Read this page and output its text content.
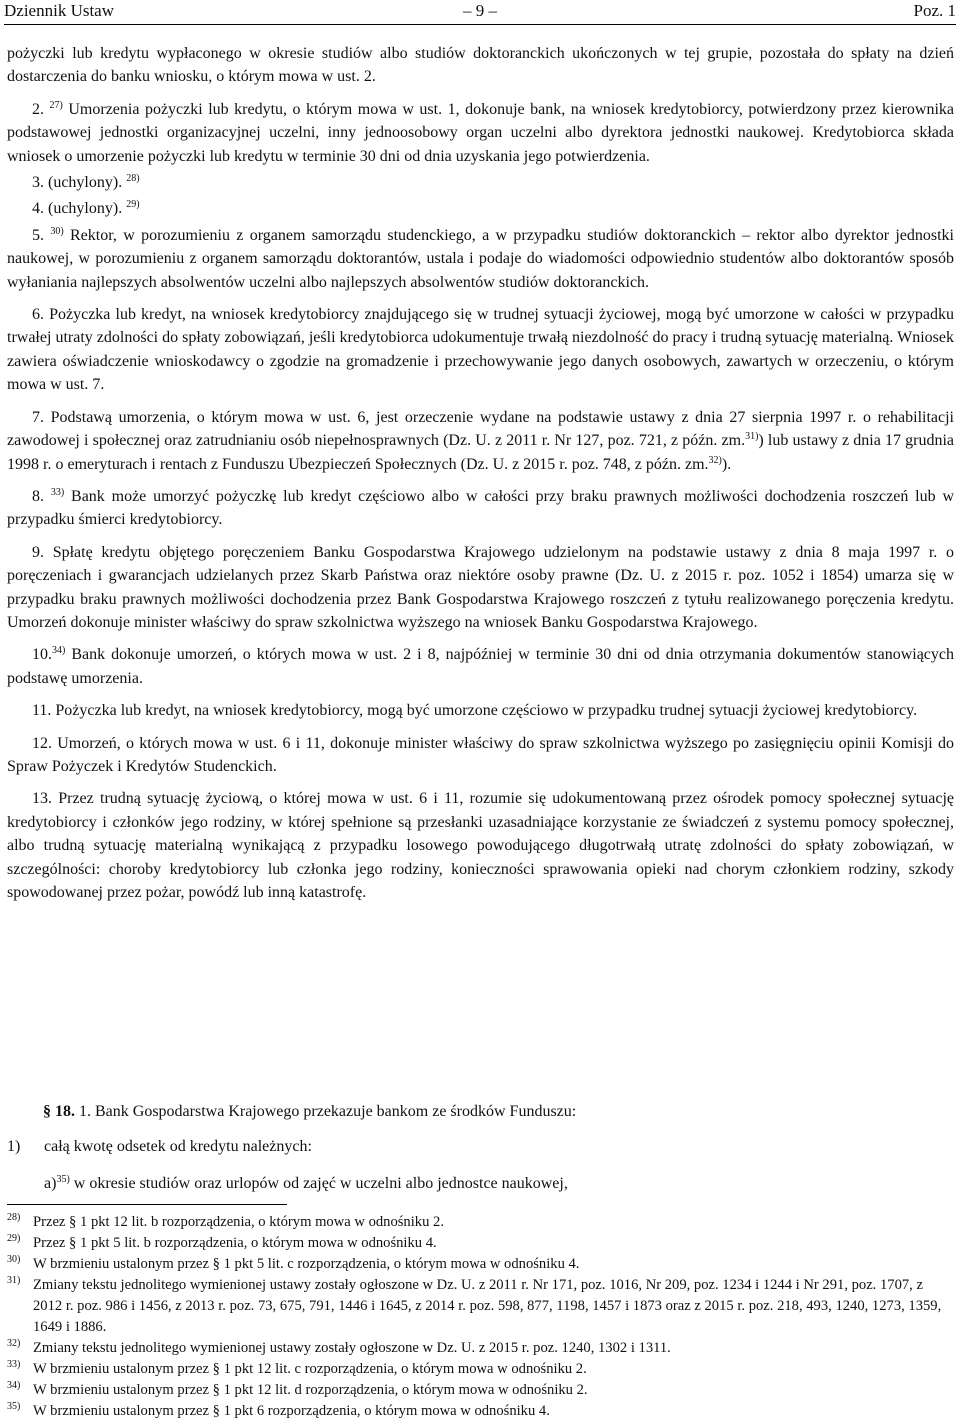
Dziennik Ustaw	– 9 –	Poz. 1

pożyczki lub kredytu wypłaconego w okresie studiów albo studiów doktoranckich ukończonych w tej grupie, pozostała do spłaty na dzień dostarczenia do banku wniosku, o którym mowa w ust. 2.

2. $^{27)}$ Umorzenia pożyczki lub kredytu, o którym mowa w ust. 1, dokonuje bank, na wniosek kredytobiorcy, potwierdzony przez kierownika podstawowej jednostki organizacyjnej uczelni, inny jednoosobowy organ uczelni albo dyrektora jednostki naukowej. Kredytobiorca składa wniosek o umorzenie pożyczki lub kredytu w terminie 30 dni od dnia uzyskania jego potwierdzenia.

3. (uchylony). $^{28)}$

4. (uchylony). $^{29)}$

5. $^{30)}$ Rektor, w porozumieniu z organem samorządu studenckiego, a w przypadku studiów doktoranckich – rektor albo dyrektor jednostki naukowej, w porozumieniu z organem samorządu doktorantów, ustala i podaje do wiadomości odpowiednio studentów albo doktorantów sposób wyłaniania najlepszych absolwentów uczelni albo najlepszych absolwentów studiów doktoranckich.

6. Pożyczka lub kredyt, na wniosek kredytobiorcy znajdującego się w trudnej sytuacji życiowej, mogą być umorzone w całości w przypadku trwałej utraty zdolności do spłaty zobowiązań, jeśli kredytobiorca udokumentuje trwałą niezdolność do pracy i trudną sytuację materialną. Wniosek zawiera oświadczenie wnioskodawcy o zgodzie na gromadzenie i przechowywanie jego danych osobowych, zawartych w orzeczeniu, o którym mowa w ust. 7.

7. Podstawą umorzenia, o którym mowa w ust. 6, jest orzeczenie wydane na podstawie ustawy z dnia 27 sierpnia 1997 r. o rehabilitacji zawodowej i społecznej oraz zatrudnianiu osób niepełnosprawnych (Dz. U. z 2011 r. Nr 127, poz. 721, z późn. zm.$^{31)}$) lub ustawy z dnia 17 grudnia 1998 r. o emeryturach i rentach z Funduszu Ubezpieczeń Społecznych (Dz. U. z 2015 r. poz. 748, z późn. zm.$^{32)}$).

8. $^{33)}$ Bank może umorzyć pożyczkę lub kredyt częściowo albo w całości przy braku prawnych możliwości dochodzenia roszczeń lub w przypadku śmierci kredytobiorcy.

9. Spłatę kredytu objętego poręczeniem Banku Gospodarstwa Krajowego udzielonym na podstawie ustawy z dnia 8 maja 1997 r. o poręczeniach i gwarancjach udzielanych przez Skarb Państwa oraz niektóre osoby prawne (Dz. U. z 2015 r. poz. 1052 i 1854) umarza się w przypadku braku prawnych możliwości dochodzenia przez Bank Gospodarstwa Krajowego roszczeń z tytułu realizowanego poręczenia kredytu. Umorzeń dokonuje minister właściwy do spraw szkolnictwa wyższego na wniosek Banku Gospodarstwa Krajowego.

10.$^{34)}$ Bank dokonuje umorzeń, o których mowa w ust. 2 i 8, najpóźniej w terminie 30 dni od dnia otrzymania dokumentów stanowiących podstawę umorzenia.

11. Pożyczka lub kredyt, na wniosek kredytobiorcy, mogą być umorzone częściowo w przypadku trudnej sytuacji życiowej kredytobiorcy.

12. Umorzeń, o których mowa w ust. 6 i 11, dokonuje minister właściwy do spraw szkolnictwa wyższego po zasięgnięciu opinii Komisji do Spraw Pożyczek i Kredytów Studenckich.

13. Przez trudną sytuację życiową, o której mowa w ust. 6 i 11, rozumie się udokumentowaną przez ośrodek pomocy społecznej sytuację kredytobiorcy i członków jego rodziny, w której spełnione są przesłanki uzasadniające korzystanie ze świadczeń z systemu pomocy społecznej, albo trudną sytuację materialną wynikającą z przypadku losowego powodującego długotrwałą utratę zdolności do spłaty zobowiązań, w szczególności: choroby kredytobiorcy lub członka jego rodziny, konieczności sprawowania opieki nad chorym członkiem rodziny, szkody spowodowanej przez pożar, powódź lub inną katastrofę.

§ 18. 1. Bank Gospodarstwa Krajowego przekazuje bankom ze środków Funduszu:
1) całą kwotę odsetek od kredytu należnych:
a)$^{35)}$ w okresie studiów oraz urlopów od zajęć w uczelni albo jednostce naukowej,
28) Przez § 1 pkt 12 lit. b rozporządzenia, o którym mowa w odnośniku 2.
29) Przez § 1 pkt 5 lit. b rozporządzenia, o którym mowa w odnośniku 4.
30) W brzmieniu ustalonym przez § 1 pkt 5 lit. c rozporządzenia, o którym mowa w odnośniku 4.
31) Zmiany tekstu jednolitego wymienionej ustawy zostały ogłoszone w Dz. U. z 2011 r. Nr 171, poz. 1016, Nr 209, poz. 1234 i 1244 i Nr 291, poz. 1707, z 2012 r. poz. 986 i 1456, z 2013 r. poz. 73, 675, 791, 1446 i 1645, z 2014 r. poz. 598, 877, 1198, 1457 i 1873 oraz z 2015 r. poz. 218, 493, 1240, 1273, 1359, 1649 i 1886.
32) Zmiany tekstu jednolitego wymienionej ustawy zostały ogłoszone w Dz. U. z 2015 r. poz. 1240, 1302 i 1311.
33) W brzmieniu ustalonym przez § 1 pkt 12 lit. c rozporządzenia, o którym mowa w odnośniku 2.
34) W brzmieniu ustalonym przez § 1 pkt 12 lit. d rozporządzenia, o którym mowa w odnośniku 2.
35) W brzmieniu ustalonym przez § 1 pkt 6 rozporządzenia, o którym mowa w odnośniku 4.
